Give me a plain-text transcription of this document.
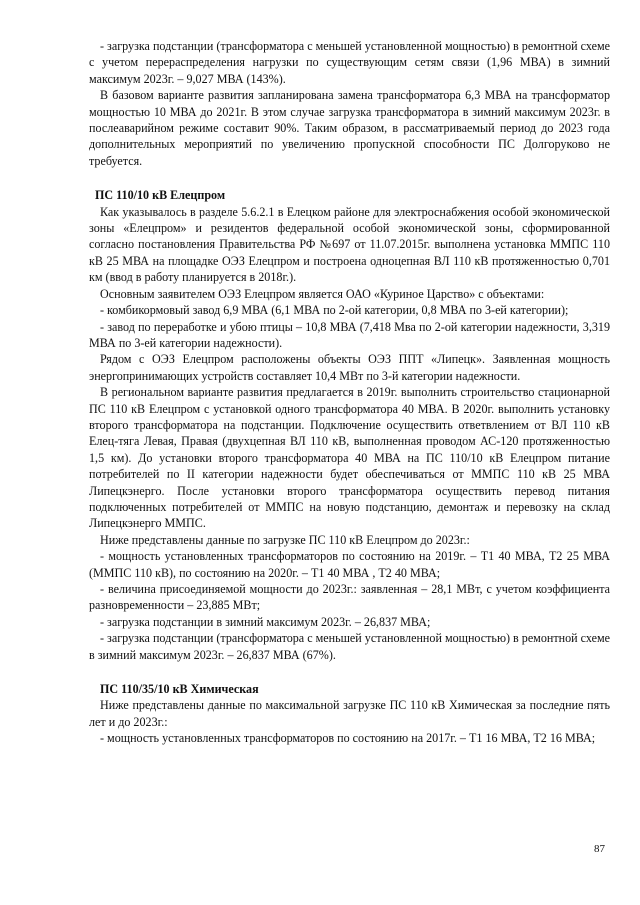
- загрузка подстанции (трансформатора с меньшей установленной мощностью) в ремонтной схеме с учетом перераспределения нагрузки по существующим сетям связи (1,96 МВА) в зимний максимум 2023г. – 9,027 МВА (143%).

В базовом варианте развития запланирована замена трансформатора 6,3 МВА на трансформатор мощностью 10 МВА до 2021г. В этом случае загрузка трансформатора в зимний максимум 2023г. в послеаварийном режиме составит 90%. Таким образом, в рассматриваемый период до 2023 года дополнительных мероприятий по увеличению пропускной способности ПС Долгоруково не требуется.

ПС 110/10 кВ Елецпром

Как указывалось в разделе 5.6.2.1 в Елецком районе для электроснабжения особой экономической зоны «Елецпром» и резидентов федеральной особой экономической зоны, сформированной согласно постановления Правительства РФ №697 от 11.07.2015г. выполнена установка ММПС 110 кВ 25 МВА на площадке ОЭЗ Елецпром и построена одноцепная ВЛ 110 кВ протяженностью 0,701 км (ввод в работу планируется в 2018г.).

Основным заявителем ОЭЗ Елецпром является ОАО «Куриное Царство» с объектами:

- комбикормовый завод 6,9 МВА (6,1 МВА по 2-ой категории, 0,8 МВА по 3-ей категории);

- завод по переработке и убою птицы – 10,8 МВА (7,418 Мва по 2-ой категории надежности, 3,319 МВА по 3-ей категории надежности).

Рядом с ОЭЗ Елецпром расположены объекты ОЭЗ ППТ «Липецк». Заявленная мощность энергопринимающих устройств составляет 10,4 МВт по 3-й категории надежности.

В региональном варианте развития предлагается в 2019г. выполнить строительство стационарной ПС 110 кВ Елецпром с установкой одного трансформатора 40 МВА. В 2020г. выполнить установку второго трансформатора на подстанции. Подключение осуществить ответвлением от ВЛ 110 кВ Елец-тяга Левая, Правая (двухцепная ВЛ 110 кВ, выполненная проводом АС-120 протяженностью 1,5 км). До установки второго трансформатора 40 МВА на ПС 110/10 кВ Елецпром питание потребителей по II категории надежности будет обеспечиваться от ММПС 110 кВ 25 МВА Липецкэнерго. После установки второго трансформатора осуществить перевод питания подключенных потребителей от ММПС на новую подстанцию, демонтаж и перевозку на склад Липецкэнерго ММПС.

Ниже представлены данные по загрузке ПС 110 кВ Елецпром до 2023г.:

- мощность установленных трансформаторов по состоянию на 2019г. – Т1 40 МВА, Т2 25 МВА (ММПС 110 кВ), по состоянию на 2020г. – Т1 40 МВА , Т2 40 МВА;

- величина присоединяемой мощности до 2023г.: заявленная – 28,1 МВт, с учетом коэффициента разновременности – 23,885 МВт;

- загрузка подстанции в зимний максимум 2023г. – 26,837 МВА;

- загрузка подстанции (трансформатора с меньшей установленной мощностью) в ремонтной схеме в зимний максимум 2023г. – 26,837 МВА (67%).

ПС 110/35/10 кВ Химическая

Ниже представлены данные по максимальной загрузке ПС 110 кВ Химическая за последние пять лет и до 2023г.:

- мощность установленных трансформаторов по состоянию на 2017г. – Т1 16 МВА, Т2 16 МВА;

87
